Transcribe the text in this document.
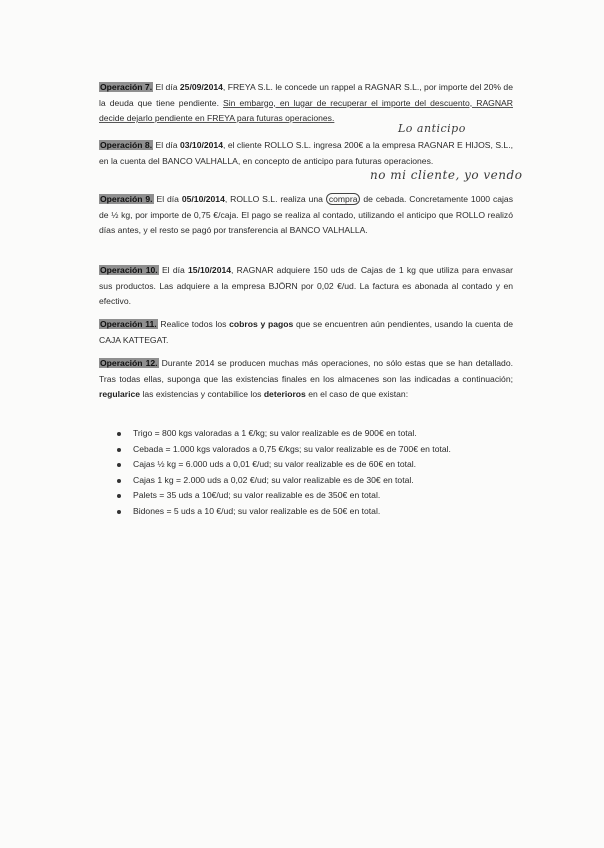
Operación 7. El día 25/09/2014, FREYA S.L. le concede un rappel a RAGNAR S.L., por importe del 20% de la deuda que tiene pendiente. Sin embargo, en lugar de recuperar el importe del descuento, RAGNAR decide dejarlo pendiente en FREYA para futuras operaciones.

Lo anticipo

Operación 8. El día 03/10/2014, el cliente ROLLO S.L. ingresa 200€ a la empresa RAGNAR E HIJOS, S.L., en la cuenta del BANCO VALHALLA, en concepto de anticipo para futuras operaciones.

no mi cliente, yo vendo

Operación 9. El día 05/10/2014, ROLLO S.L. realiza una compra de cebada. Concretamente 1000 cajas de ½ kg, por importe de 0,75 €/caja. El pago se realiza al contado, utilizando el anticipo que ROLLO realizó días antes, y el resto se pagó por transferencia al BANCO VALHALLA.

Operación 10. El día 15/10/2014, RAGNAR adquiere 150 uds de Cajas de 1 kg que utiliza para envasar sus productos. Las adquiere a la empresa BJÖRN por 0,02 €/ud. La factura es abonada al contado y en efectivo.

Operación 11. Realice todos los cobros y pagos que se encuentren aún pendientes, usando la cuenta de CAJA KATTEGAT.

Operación 12. Durante 2014 se producen muchas más operaciones, no sólo estas que se han detallado. Tras todas ellas, suponga que las existencias finales en los almacenes son las indicadas a continuación; regularice las existencias y contabilice los deterioros en el caso de que existan:

Trigo = 800 kgs valoradas a 1 €/kg; su valor realizable es de 900€ en total.
Cebada = 1.000 kgs valorados a 0,75 €/kgs; su valor realizable es de 700€ en total.
Cajas ½ kg = 6.000 uds a 0,01 €/ud; su valor realizable es de 60€ en total.
Cajas 1 kg = 2.000 uds a 0,02 €/ud; su valor realizable es de 30€ en total.
Palets = 35 uds a 10€/ud; su valor realizable es de 350€ en total.
Bidones = 5 uds a 10 €/ud; su valor realizable es de 50€ en total.
